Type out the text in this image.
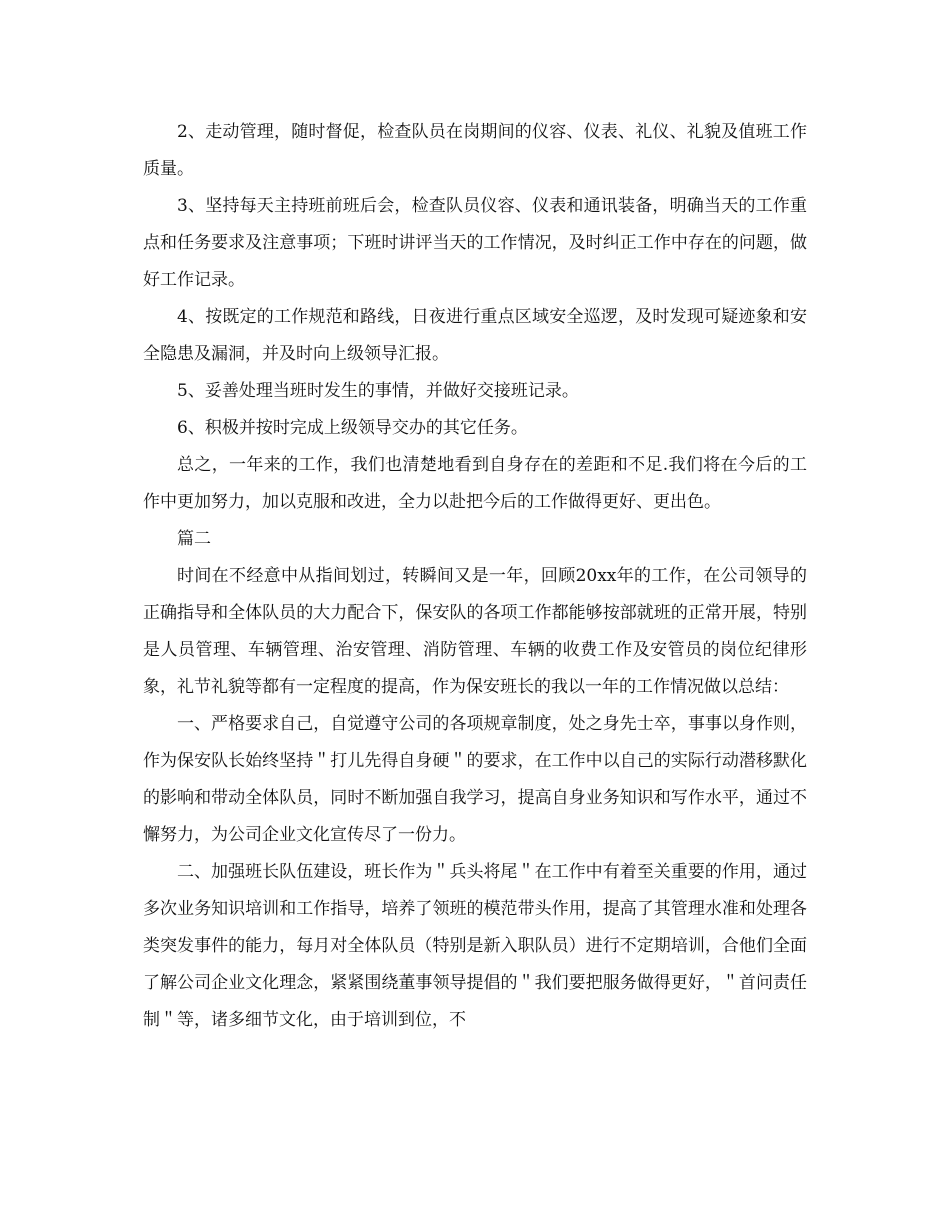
2、走动管理，随时督促，检查队员在岗期间的仪容、仪表、礼仪、礼貌及值班工作质量。

3、坚持每天主持班前班后会，检查队员仪容、仪表和通讯装备，明确当天的工作重点和任务要求及注意事项；下班时讲评当天的工作情况，及时纠正工作中存在的问题，做好工作记录。

4、按既定的工作规范和路线，日夜进行重点区域安全巡逻，及时发现可疑迹象和安全隐患及漏洞，并及时向上级领导汇报。

5、妥善处理当班时发生的事情，并做好交接班记录。

6、积极并按时完成上级领导交办的其它任务。

总之，一年来的工作，我们也清楚地看到自身存在的差距和不足.我们将在今后的工作中更加努力，加以克服和改进，全力以赴把今后的工作做得更好、更出色。

篇二

时间在不经意中从指间划过，转瞬间又是一年，回顾20xx年的工作，在公司领导的正确指导和全体队员的大力配合下，保安队的各项工作都能够按部就班的正常开展，特别是人员管理、车辆管理、治安管理、消防管理、车辆的收费工作及安管员的岗位纪律形象，礼节礼貌等都有一定程度的提高，作为保安班长的我以一年的工作情况做以总结：

一、严格要求自己，自觉遵守公司的各项规章制度，处之身先士卒，事事以身作则，作为保安队长始终坚持＂打儿先得自身硬＂的要求，在工作中以自己的实际行动潜移默化的影响和带动全体队员，同时不断加强自我学习，提高自身业务知识和写作水平，通过不懈努力，为公司企业文化宣传尽了一份力。

二、加强班长队伍建设，班长作为＂兵头将尾＂在工作中有着至关重要的作用，通过多次业务知识培训和工作指导，培养了领班的模范带头作用，提高了其管理水准和处理各类突发事件的能力，每月对全体队员（特别是新入职队员）进行不定期培训，合他们全面了解公司企业文化理念，紧紧围绕董事领导提倡的＂我们要把服务做得更好，＂首问责任制＂等，诸多细节文化，由于培训到位，不
